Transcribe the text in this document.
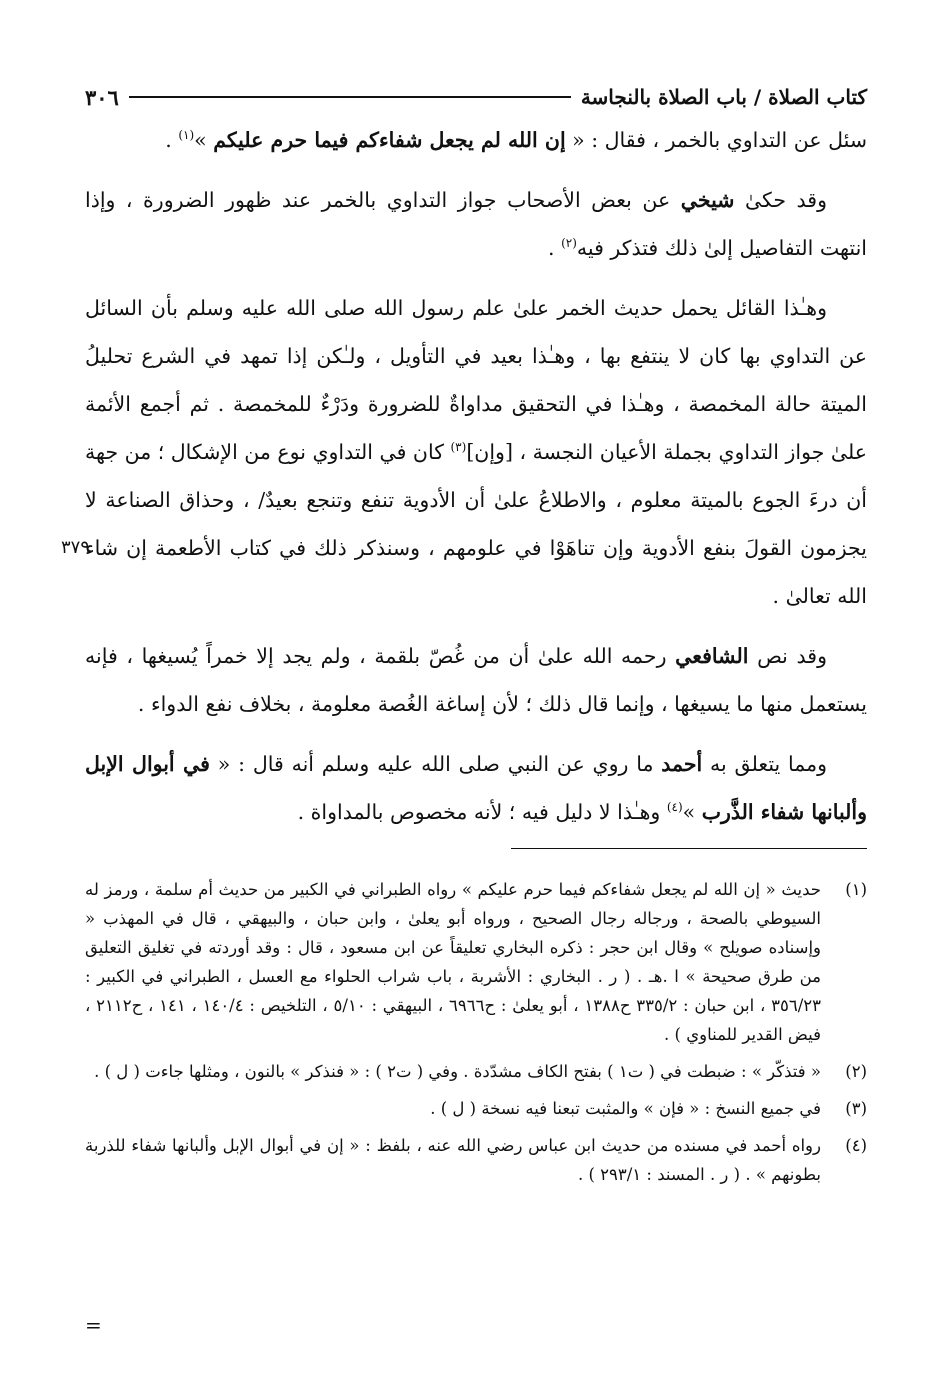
كتاب الصلاة / باب الصلاة بالنجاسة
٣٠٦

سئل عن التداوي بالخمر ، فقال : « إن الله لم يجعل شفاءكم فيما حرم عليكم »$^{(١)}$ .

وقد حكىٰ شيخي عن بعض الأصحاب جواز التداوي بالخمر عند ظهور الضرورة ، وإذا انتهت التفاصيل إلىٰ ذلك فتذكر فيه$^{(٢)}$ .

وهـٰذا القائل يحمل حديث الخمر علىٰ علم رسول الله صلى الله عليه وسلم بأن السائل عن التداوي بها كان لا ينتفع بها ، وهـٰذا بعيد في التأويل ، ولـٰكن إذا تمهد في الشرع تحليلُ الميتة حالة المخمصة ، وهـٰذا في التحقيق مداواةٌ للضرورة ودَرْءٌ للمخمصة . ثم أجمع الأئمة علىٰ جواز التداوي بجملة الأعيان النجسة ، [وإن]$^{(٣)}$ كان في التداوي نوع من الإشكال ؛ من جهة أن درءَ الجوع بالميتة معلوم ، والاطلاعُ علىٰ أن الأدوية تنفع وتنجع بعيدٌ/ ، وحذاق الصناعة لا يجزمون القولَ بنفع الأدوية وإن تناهَوْا في علومهم ، وسنذكر ذلك في كتاب الأطعمة إن شاء الله تعالىٰ .
٣٧٩

وقد نص الشافعي رحمه الله علىٰ أن من غُصّ بلقمة ، ولم يجد إلا خمراً يُسيغها ، فإنه يستعمل منها ما يسيغها ، وإنما قال ذلك ؛ لأن إساغة الغُصة معلومة ، بخلاف نفع الدواء .

ومما يتعلق به أحمد ما روي عن النبي صلى الله عليه وسلم أنه قال : « في أبوال الإبل وألبانها شفاء الذَّرب »$^{(٤)}$ وهـٰذا لا دليل فيه ؛ لأنه مخصوص بالمداواة .

(١)
حديث « إن الله لم يجعل شفاءكم فيما حرم عليكم » رواه الطبراني في الكبير من حديث أم سلمة ، ورمز له السيوطي بالصحة ، ورجاله رجال الصحيح ، ورواه أبو يعلىٰ ، وابن حبان ، والبيهقي ، قال في المهذب « وإسناده صويلح » وقال ابن حجر : ذكره البخاري تعليقاً عن ابن مسعود ، قال : وقد أوردته في تغليق التعليق من طرق صحيحة » ا .هـ . ( ر . البخاري : الأشربة ، باب شراب الحلواء مع العسل ، الطبراني في الكبير : ٣٥٦/٢٣ ، ابن حبان : ٣٣٥/٢ ح١٣٨٨ ، أبو يعلىٰ : ح٦٩٦٦ ، البيهقي : ٥/١٠ ، التلخيص : ١٤٠/٤ ، ١٤١ ، ح٢١١٢ ، فيض القدير للمناوي ) .
(٢)
« فتذكّر » : ضبطت في ( ت١ ) بفتح الكاف مشدّدة . وفي ( ت٢ ) : « فنذكر » بالنون ، ومثلها جاءت ( ل ) .
(٣)
في جميع النسخ : « فإن » والمثبت تبعنا فيه نسخة ( ل ) .
(٤)
رواه أحمد في مسنده من حديث ابن عباس رضي الله عنه ، بلفظ : « إن في أبوال الإبل وألبانها شفاء للذربة بطونهم » . ( ر . المسند : ٢٩٣/١ ) .
=
